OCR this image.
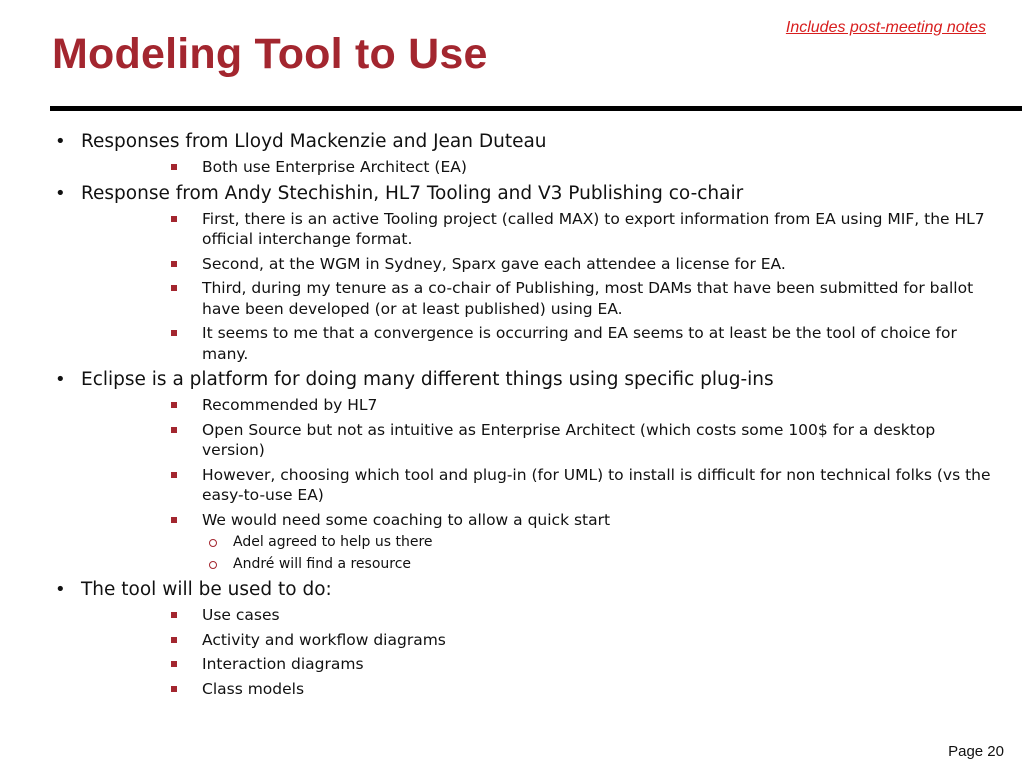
Includes post-meeting notes
Modeling Tool to Use
• Responses from Lloyd Mackenzie and Jean Duteau
Both use Enterprise Architect (EA)
• Response from Andy Stechishin, HL7 Tooling and V3 Publishing co-chair
First, there is an active Tooling project (called MAX) to export information from EA using MIF, the HL7 official interchange format.
Second, at the WGM in Sydney, Sparx gave each attendee a license for EA.
Third, during my tenure as a co-chair of Publishing, most DAMs that have been submitted for ballot have been developed (or at least published) using EA.
It seems to me that a convergence is occurring and EA seems to at least be the tool of choice for many.
• Eclipse is a platform for doing many different things using specific plug-ins
Recommended by HL7
Open Source but not as intuitive as Enterprise Architect (which costs some 100$ for a desktop version)
However, choosing which tool and plug-in (for UML) to install is difficult for non technical folks (vs the easy-to-use EA)
We would need some coaching to allow a quick start
Adel agreed to help us there
André will find a resource
• The tool will be used to do:
Use cases
Activity and workflow diagrams
Interaction diagrams
Class models
Page 20
